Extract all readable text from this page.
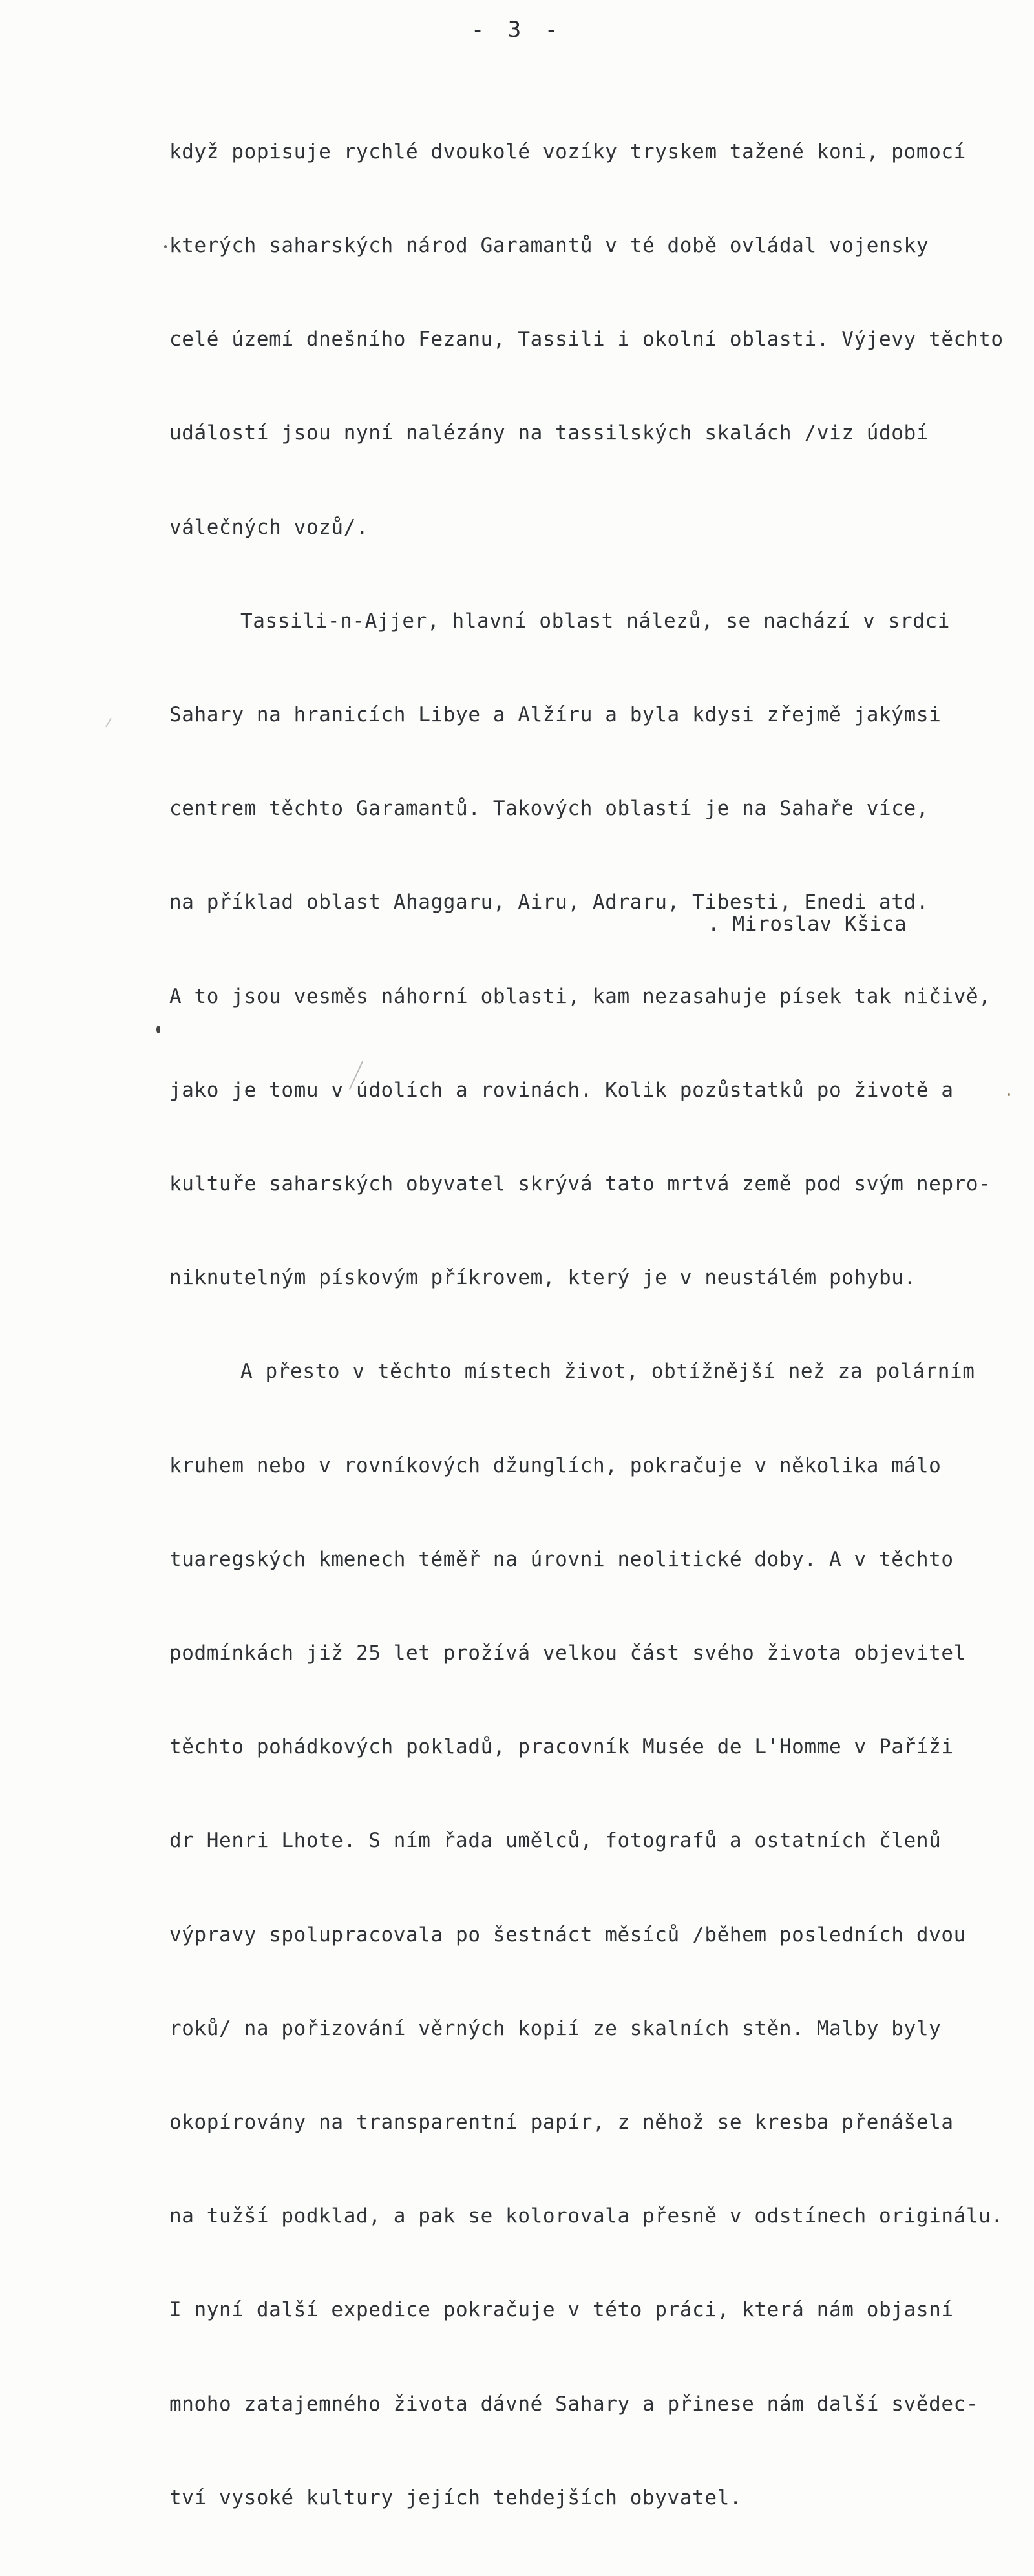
- 3 -

když popisuje rychlé dvoukolé vozíky tryskem tažené koni, pomocí

kterých saharských národ Garamantů v té době ovládal vojensky

celé území dnešního Fezanu, Tassili i okolní oblasti. Výjevy těchto

událostí jsou nyní nalézány na tassilských skalách /viz údobí

válečných vozů/.

Tassili-n-Ajjer, hlavní oblast nálezů, se nachází v srdci

Sahary na hranicích Libye a Alžíru a byla kdysi zřejmě jakýmsi

centrem těchto Garamantů. Takových oblastí je na Sahaře více,

na příklad oblast Ahaggaru, Airu, Adraru, Tibesti, Enedi atd.

A to jsou vesměs náhorní oblasti, kam nezasahuje písek tak ničivě,

jako je tomu v údolích a rovinách. Kolik pozůstatků po životě a

kultuře saharských obyvatel skrývá tato mrtvá země pod svým nepro-

niknutelným pískovým příkrovem, který je v neustálém pohybu.

A přesto v těchto místech život, obtížnější než za polárním

kruhem nebo v rovníkových džunglích, pokračuje v několika málo

tuaregských kmenech téměř na úrovni neolitické doby. A v těchto

podmínkách již 25 let prožívá velkou část svého života objevitel

těchto pohádkových pokladů, pracovník Musée de L'Homme v Paříži

dr Henri Lhote. S ním řada umělců, fotografů a ostatních členů

výpravy spolupracovala po šestnáct měsíců /během posledních dvou

roků/ na pořizování věrných kopií ze skalních stěn. Malby byly

okopírovány na transparentní papír, z něhož se kresba přenášela

na tužší podklad, a pak se kolorovala přesně v odstínech originálu.

I nyní další expedice pokračuje v této práci, která nám objasní

mnoho zatajemného života dávné Sahary a přinese nám další svědec-

tví vysoké kultury jejích tehdejších obyvatel.

. Miroslav Kšica
